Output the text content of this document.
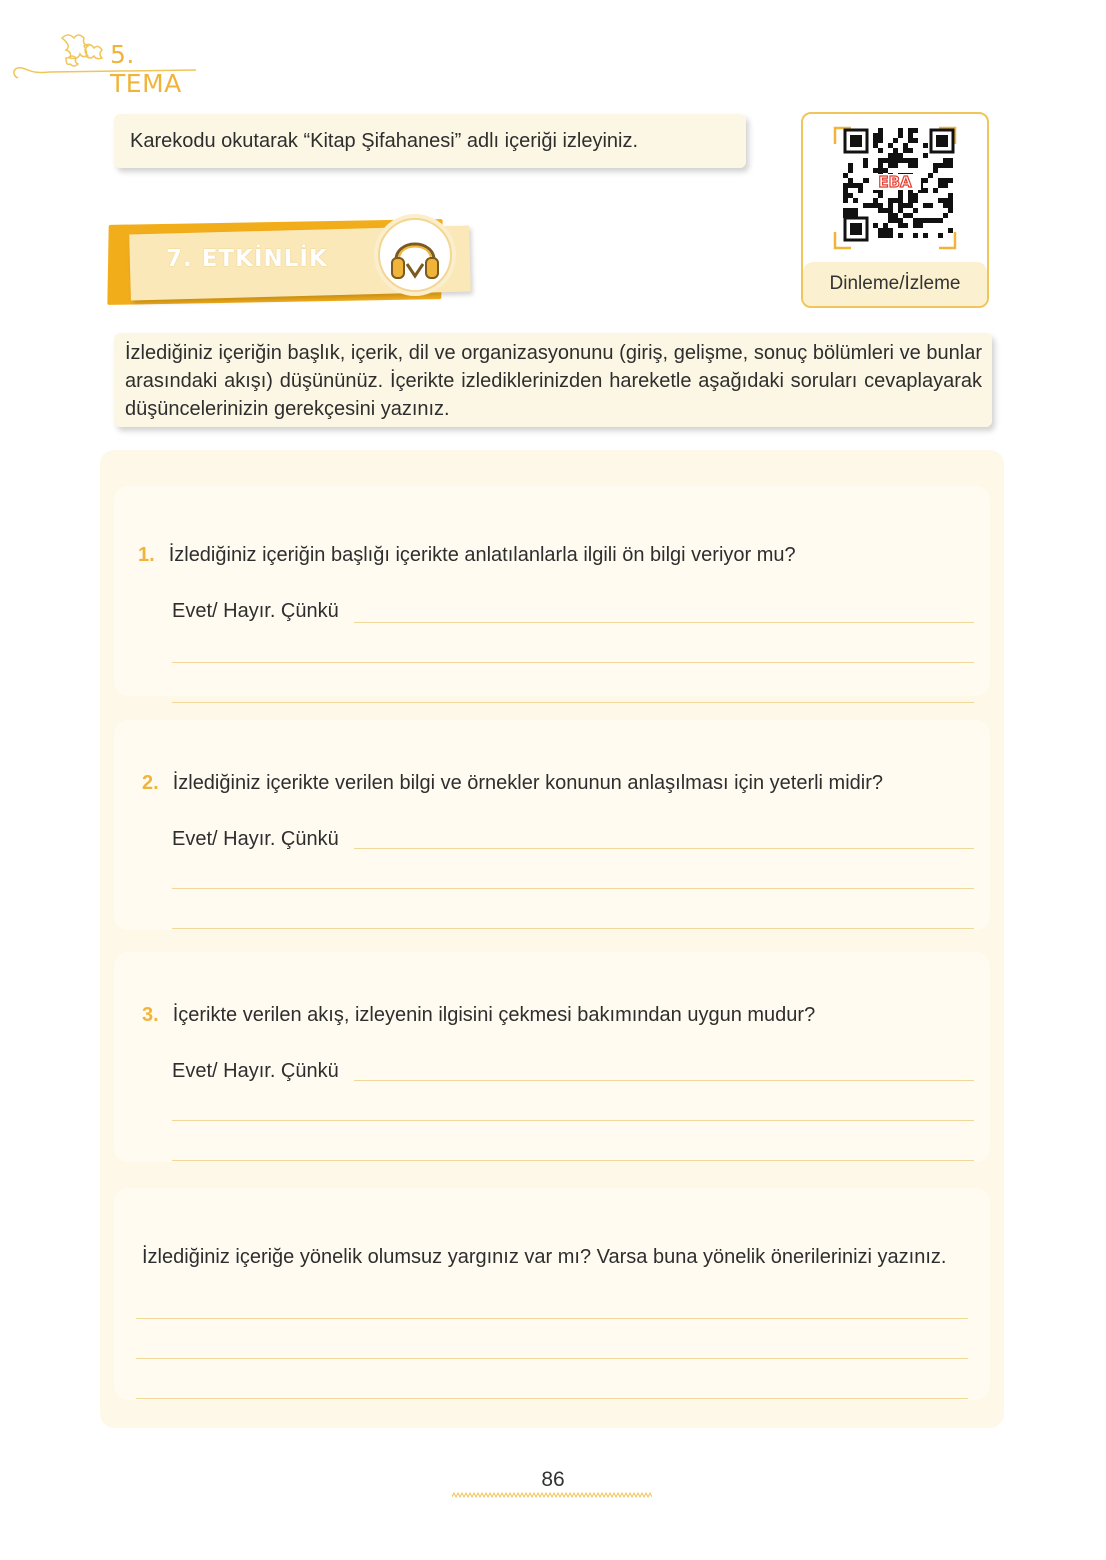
5. TEMA
Karekodu okutarak “Kitap Şifahanesi” adlı içeriği izleyiniz.
EBA
Dinleme/İzleme
7. ETKİNLİK
İzlediğiniz içeriğin başlık, içerik, dil ve organizasyonunu (giriş, gelişme, sonuç bölümleri ve bunlar arasındaki akışı) düşününüz. İçerikte izlediklerinizden hareketle aşağıdaki soruları cevaplayarak düşüncelerinizin gerekçesini yazınız.
1. İzlediğiniz içeriğin başlığı içerikte anlatılanlarla ilgili ön bilgi veriyor mu?
Evet/ Hayır. Çünkü
2. İzlediğiniz içerikte verilen bilgi ve örnekler konunun anlaşılması için yeterli midir?
Evet/ Hayır. Çünkü
3. İçerikte verilen akış, izleyenin ilgisini çekmesi bakımından uygun mudur?
Evet/ Hayır. Çünkü
İzlediğiniz içeriğe yönelik olumsuz yargınız var mı? Varsa buna yönelik önerilerinizi yazınız.
86
